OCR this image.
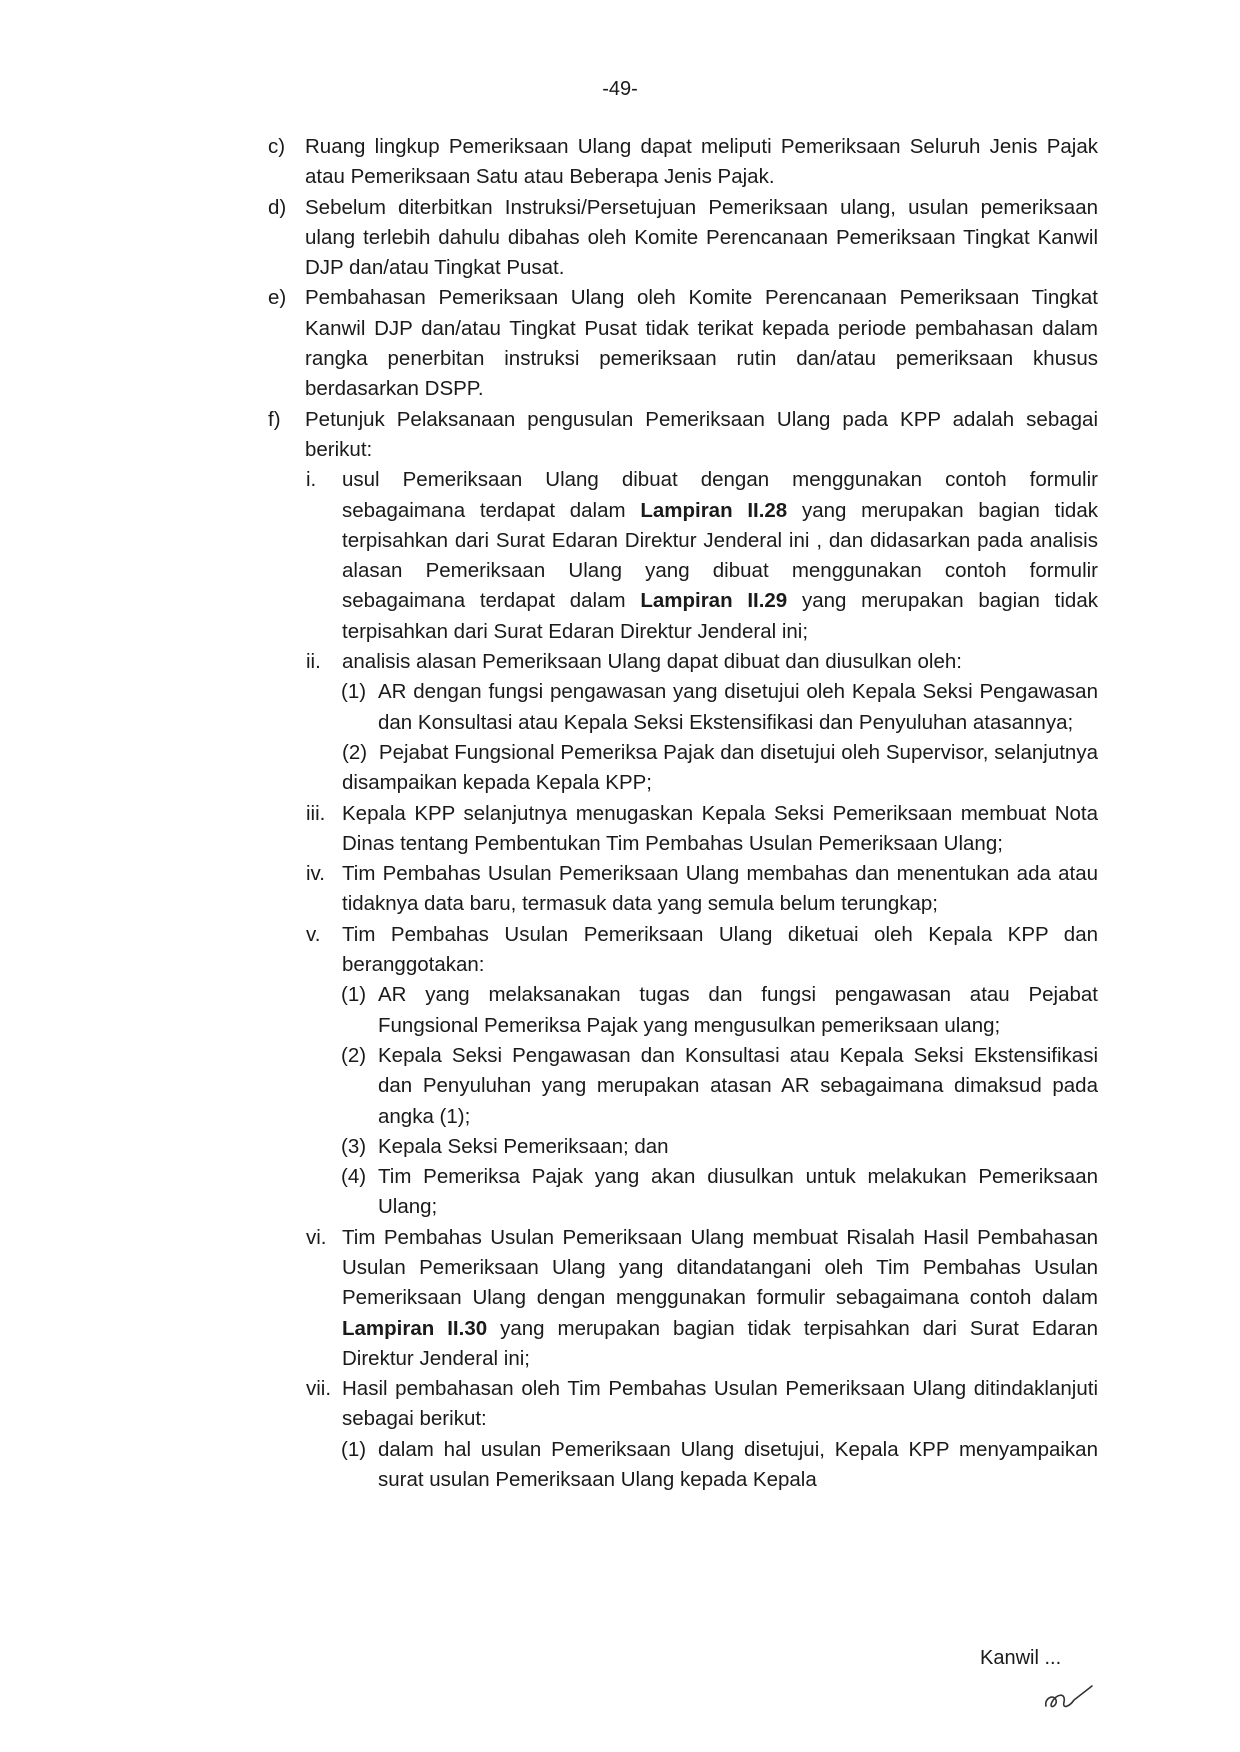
-49-
c) Ruang lingkup Pemeriksaan Ulang dapat meliputi Pemeriksaan Seluruh Jenis Pajak atau Pemeriksaan Satu atau Beberapa Jenis Pajak.
d) Sebelum diterbitkan Instruksi/Persetujuan Pemeriksaan ulang, usulan pemeriksaan ulang terlebih dahulu dibahas oleh Komite Perencanaan Pemeriksaan Tingkat Kanwil DJP dan/atau Tingkat Pusat.
e) Pembahasan Pemeriksaan Ulang oleh Komite Perencanaan Pemeriksaan Tingkat Kanwil DJP dan/atau Tingkat Pusat tidak terikat kepada periode pembahasan dalam rangka penerbitan instruksi pemeriksaan rutin dan/atau pemeriksaan khusus berdasarkan DSPP.
f) Petunjuk Pelaksanaan pengusulan Pemeriksaan Ulang pada KPP adalah sebagai berikut:
i.	usul Pemeriksaan Ulang dibuat dengan menggunakan contoh formulir sebagaimana terdapat dalam Lampiran II.28 yang merupakan bagian tidak terpisahkan dari Surat Edaran Direktur Jenderal ini , dan didasarkan pada analisis alasan Pemeriksaan Ulang yang dibuat menggunakan contoh formulir sebagaimana terdapat dalam Lampiran II.29 yang merupakan bagian tidak terpisahkan dari Surat Edaran Direktur Jenderal ini;
ii.	analisis alasan Pemeriksaan Ulang dapat dibuat dan diusulkan oleh:
(1) AR dengan fungsi pengawasan yang disetujui oleh Kepala Seksi Pengawasan dan Konsultasi atau Kepala Seksi Ekstensifikasi dan Penyuluhan atasannya;
(2) Pejabat Fungsional Pemeriksa Pajak dan disetujui oleh Supervisor, selanjutnya disampaikan kepada Kepala KPP;
iii. Kepala KPP selanjutnya menugaskan Kepala Seksi Pemeriksaan membuat Nota Dinas tentang Pembentukan Tim Pembahas Usulan Pemeriksaan Ulang;
iv. Tim Pembahas Usulan Pemeriksaan Ulang membahas dan menentukan ada atau tidaknya data baru, termasuk data yang semula belum terungkap;
v.	Tim Pembahas Usulan Pemeriksaan Ulang diketuai oleh Kepala KPP dan beranggotakan:
(1) AR yang melaksanakan tugas dan fungsi pengawasan atau Pejabat Fungsional Pemeriksa Pajak yang mengusulkan pemeriksaan ulang;
(2) Kepala Seksi Pengawasan dan Konsultasi atau Kepala Seksi Ekstensifikasi dan Penyuluhan yang merupakan atasan AR sebagaimana dimaksud pada angka (1);
(3) Kepala Seksi Pemeriksaan; dan
(4) Tim Pemeriksa Pajak yang akan diusulkan untuk melakukan Pemeriksaan Ulang;
vi. Tim Pembahas Usulan Pemeriksaan Ulang membuat Risalah Hasil Pembahasan Usulan Pemeriksaan Ulang yang ditandatangani oleh Tim Pembahas Usulan Pemeriksaan Ulang dengan menggunakan formulir sebagaimana contoh dalam Lampiran II.30 yang merupakan bagian tidak terpisahkan dari Surat Edaran Direktur Jenderal ini;
vii. Hasil pembahasan oleh Tim Pembahas Usulan Pemeriksaan Ulang ditindaklanjuti sebagai berikut:
(1) dalam hal usulan Pemeriksaan Ulang disetujui, Kepala KPP menyampaikan surat usulan Pemeriksaan Ulang kepada Kepala
Kanwil ...
